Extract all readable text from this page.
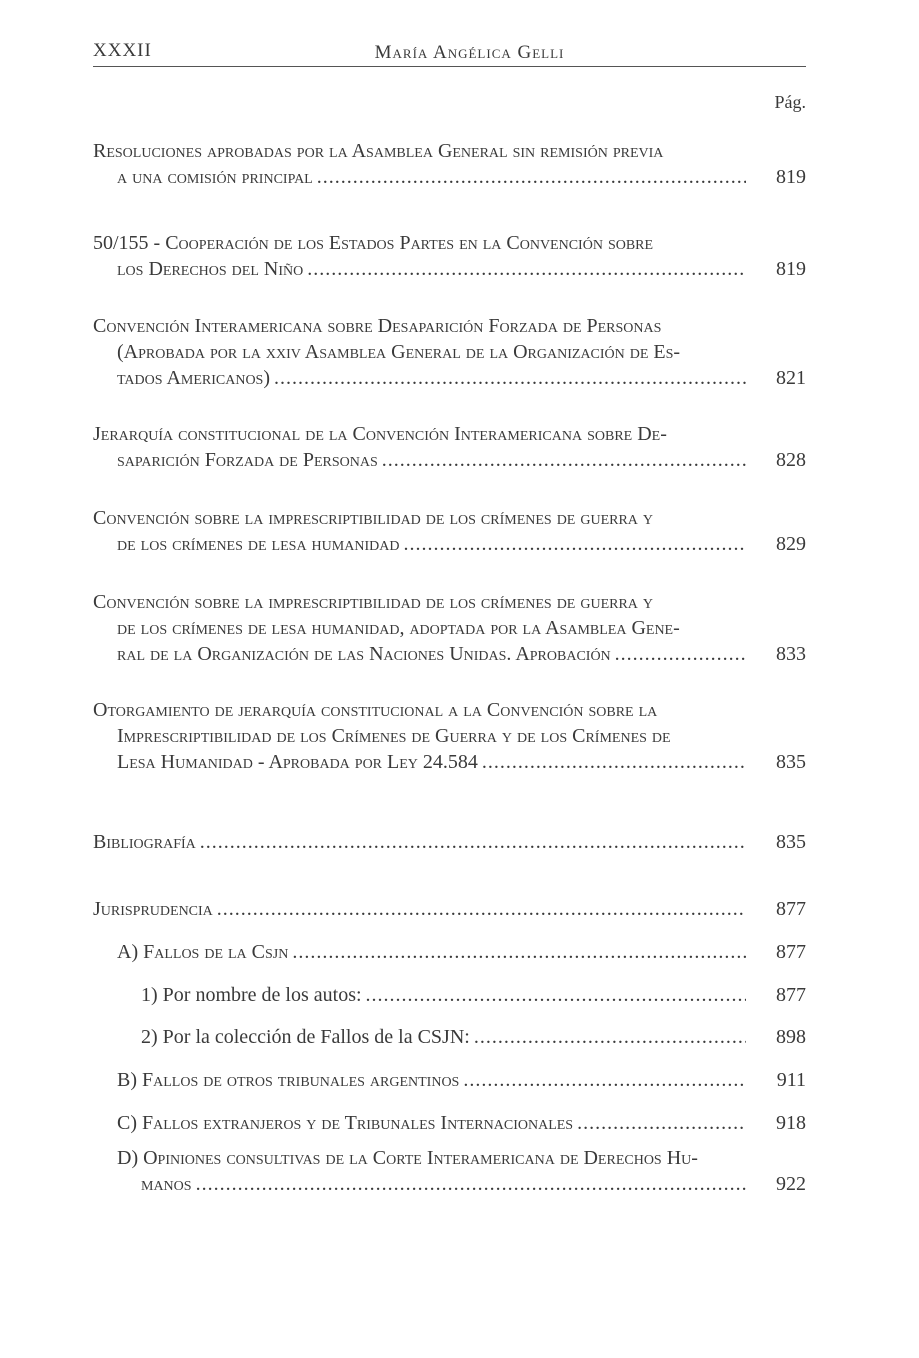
XXXII	María Angélica Gelli
Pág.
Resoluciones aprobadas por la Asamblea General sin remisión previa
a una comisión principal .....	819
50/155 - Cooperación de los Estados Partes en la Convención sobre
los Derechos del Niño .....	819
Convención Interamericana sobre Desaparición Forzada de Personas
(Aprobada por la xxiv Asamblea General de la Organización de Es-
tados Americanos) .....	821
Jerarquía constitucional de la Convención Interamericana sobre De-
saparición Forzada de Personas .....	828
Convención sobre la imprescriptibilidad de los crímenes de guerra y
de los crímenes de lesa humanidad .....	829
Convención sobre la imprescriptibilidad de los crímenes de guerra y
de los crímenes de lesa humanidad, adoptada por la Asamblea Gene-
ral de la Organización de las Naciones Unidas. Aprobación .....	833
Otorgamiento de jerarquía constitucional a la Convención sobre la
Imprescriptibilidad de los Crímenes de Guerra y de los Crímenes de
Lesa Humanidad - Aprobada por Ley 24.584 .....	835
Bibliografía .....	835
Jurisprudencia .....	877
A) Fallos de la Csjn .....	877
1) Por nombre de los autos: .....	877
2) Por la colección de Fallos de la CSJN: .....	898
B) Fallos de otros tribunales argentinos .....	911
C) Fallos extranjeros y de Tribunales Internacionales .....	918
D) Opiniones consultivas de la Corte Interamericana de Derechos Hu-
manos .....	922
